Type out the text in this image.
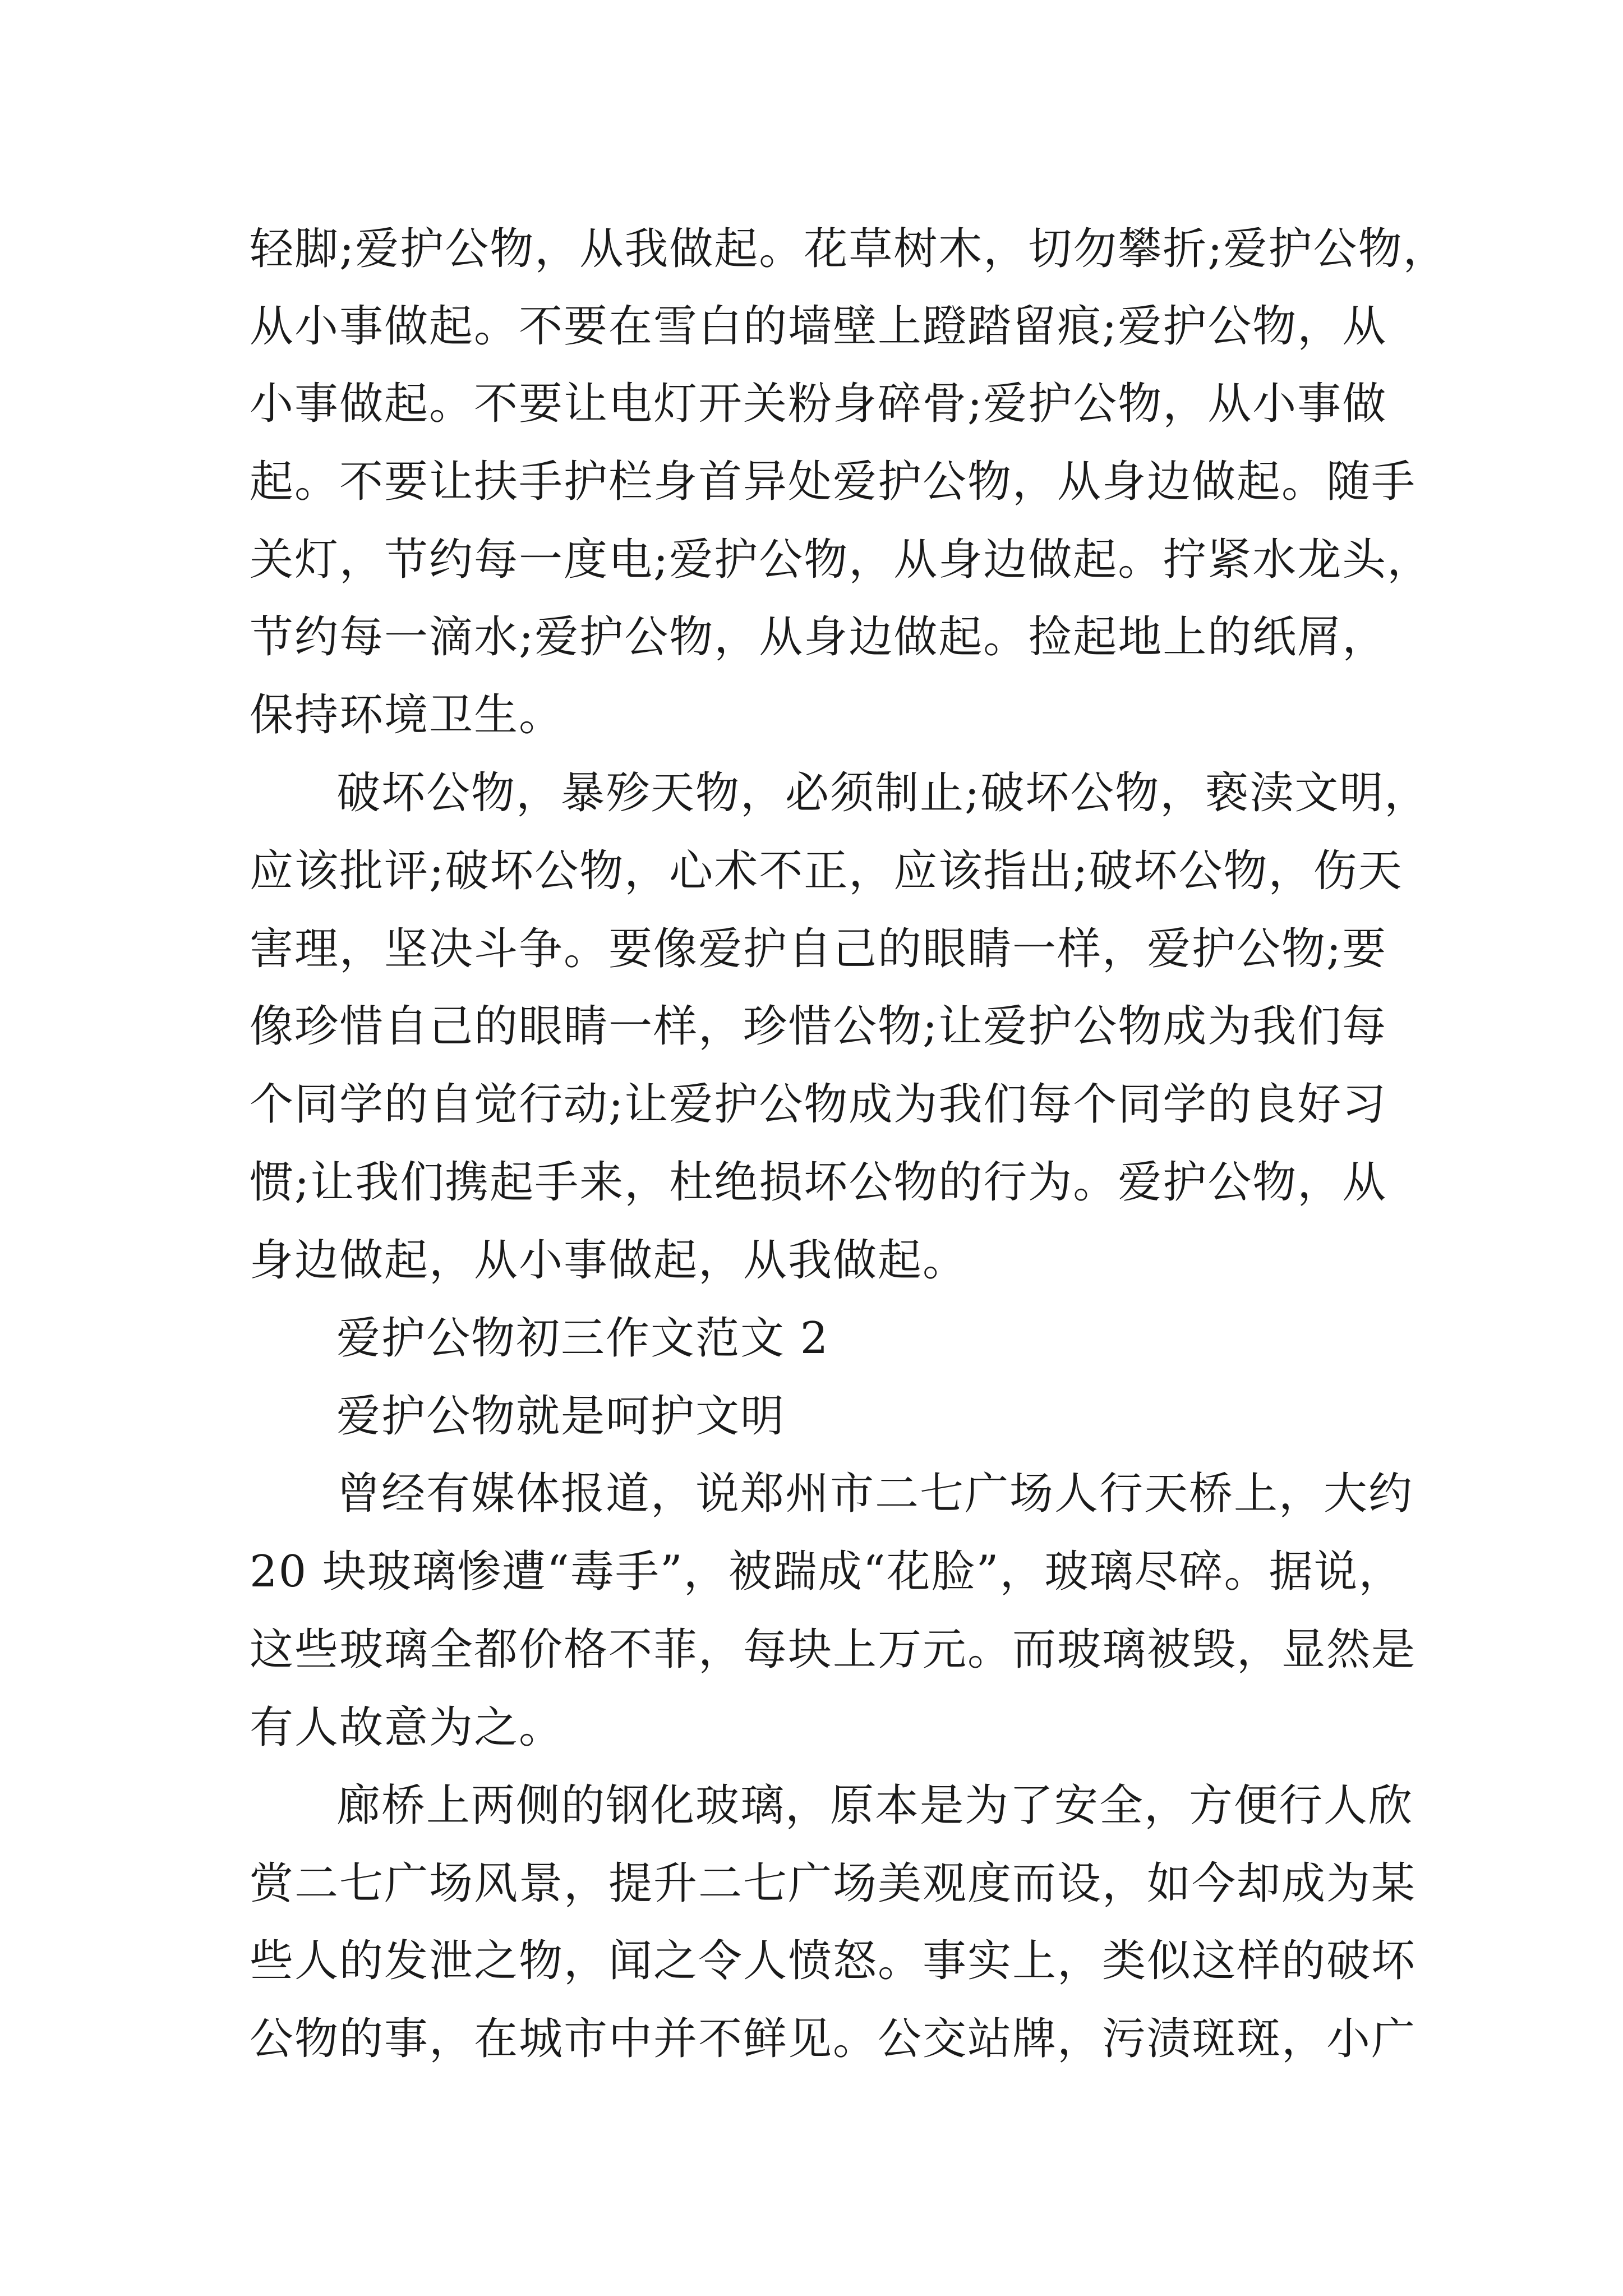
轻脚;爱护公物，从我做起。花草树木，切勿攀折;爱护公物，
从小事做起。不要在雪白的墙壁上蹬踏留痕;爱护公物，从
小事做起。不要让电灯开关粉身碎骨;爱护公物，从小事做
起。不要让扶手护栏身首异处爱护公物，从身边做起。随手
关灯，节约每一度电;爱护公物，从身边做起。拧紧水龙头，
节约每一滴水;爱护公物，从身边做起。捡起地上的纸屑，
保持环境卫生。
破坏公物，暴殄天物，必须制止;破坏公物，亵渎文明，
应该批评;破坏公物，心术不正，应该指出;破坏公物，伤天
害理，坚决斗争。要像爱护自己的眼睛一样，爱护公物;要
像珍惜自己的眼睛一样，珍惜公物;让爱护公物成为我们每
个同学的自觉行动;让爱护公物成为我们每个同学的良好习
惯;让我们携起手来，杜绝损坏公物的行为。爱护公物，从
身边做起，从小事做起，从我做起。
爱护公物初三作文范文 2
爱护公物就是呵护文明
曾经有媒体报道，说郑州市二七广场人行天桥上，大约
20 块玻璃惨遭“毒手”，被踹成“花脸”，玻璃尽碎。据说，
这些玻璃全都价格不菲，每块上万元。而玻璃被毁，显然是
有人故意为之。
廊桥上两侧的钢化玻璃，原本是为了安全，方便行人欣
赏二七广场风景，提升二七广场美观度而设，如今却成为某
些人的发泄之物，闻之令人愤怒。事实上，类似这样的破坏
公物的事，在城市中并不鲜见。公交站牌，污渍斑斑，小广
